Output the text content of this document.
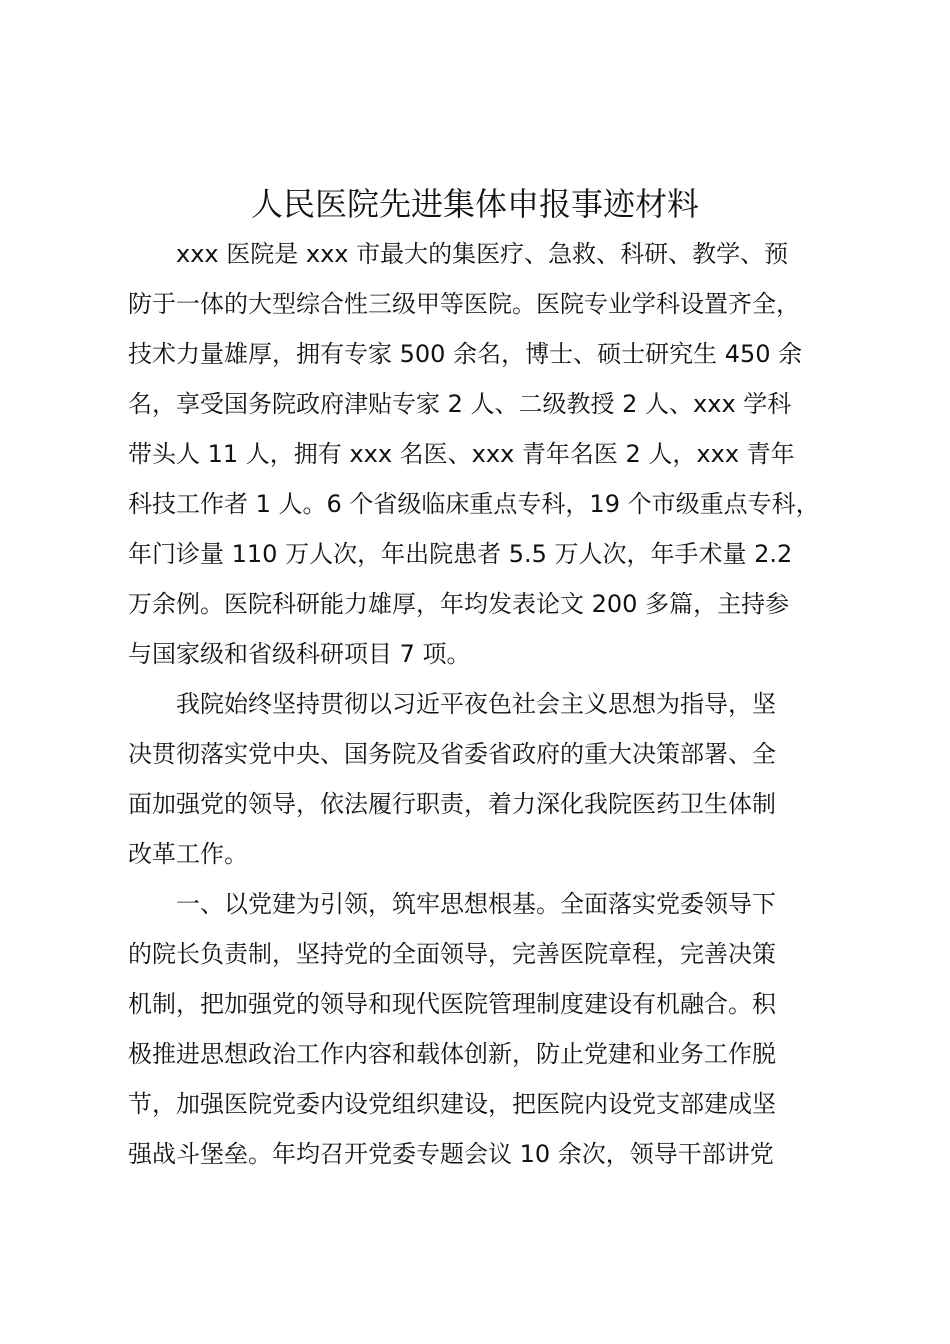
人民医院先进集体申报事迹材料
xxx 医院是 xxx 市最大的集医疗、急救、科研、教学、预
防于一体的大型综合性三级甲等医院。医院专业学科设置齐全，
技术力量雄厚，拥有专家 500 余名，博士、硕士研究生 450 余
名，享受国务院政府津贴专家 2 人、二级教授 2 人、xxx 学科
带头人 11 人，拥有 xxx 名医、xxx 青年名医 2 人，xxx 青年
科技工作者 1 人。6 个省级临床重点专科，19 个市级重点专科，
年门诊量 110 万人次，年出院患者 5.5 万人次，年手术量 2.2
万余例。医院科研能力雄厚，年均发表论文 200 多篇，主持参
与国家级和省级科研项目 7 项。
我院始终坚持贯彻以习近平夜色社会主义思想为指导，坚
决贯彻落实党中央、国务院及省委省政府的重大决策部署、全
面加强党的领导，依法履行职责，着力深化我院医药卫生体制
改革工作。
一、以党建为引领，筑牢思想根基。全面落实党委领导下
的院长负责制，坚持党的全面领导，完善医院章程，完善决策
机制，把加强党的领导和现代医院管理制度建设有机融合。积
极推进思想政治工作内容和载体创新，防止党建和业务工作脱
节，加强医院党委内设党组织建设，把医院内设党支部建成坚
强战斗堡垒。年均召开党委专题会议 10 余次，领导干部讲党
